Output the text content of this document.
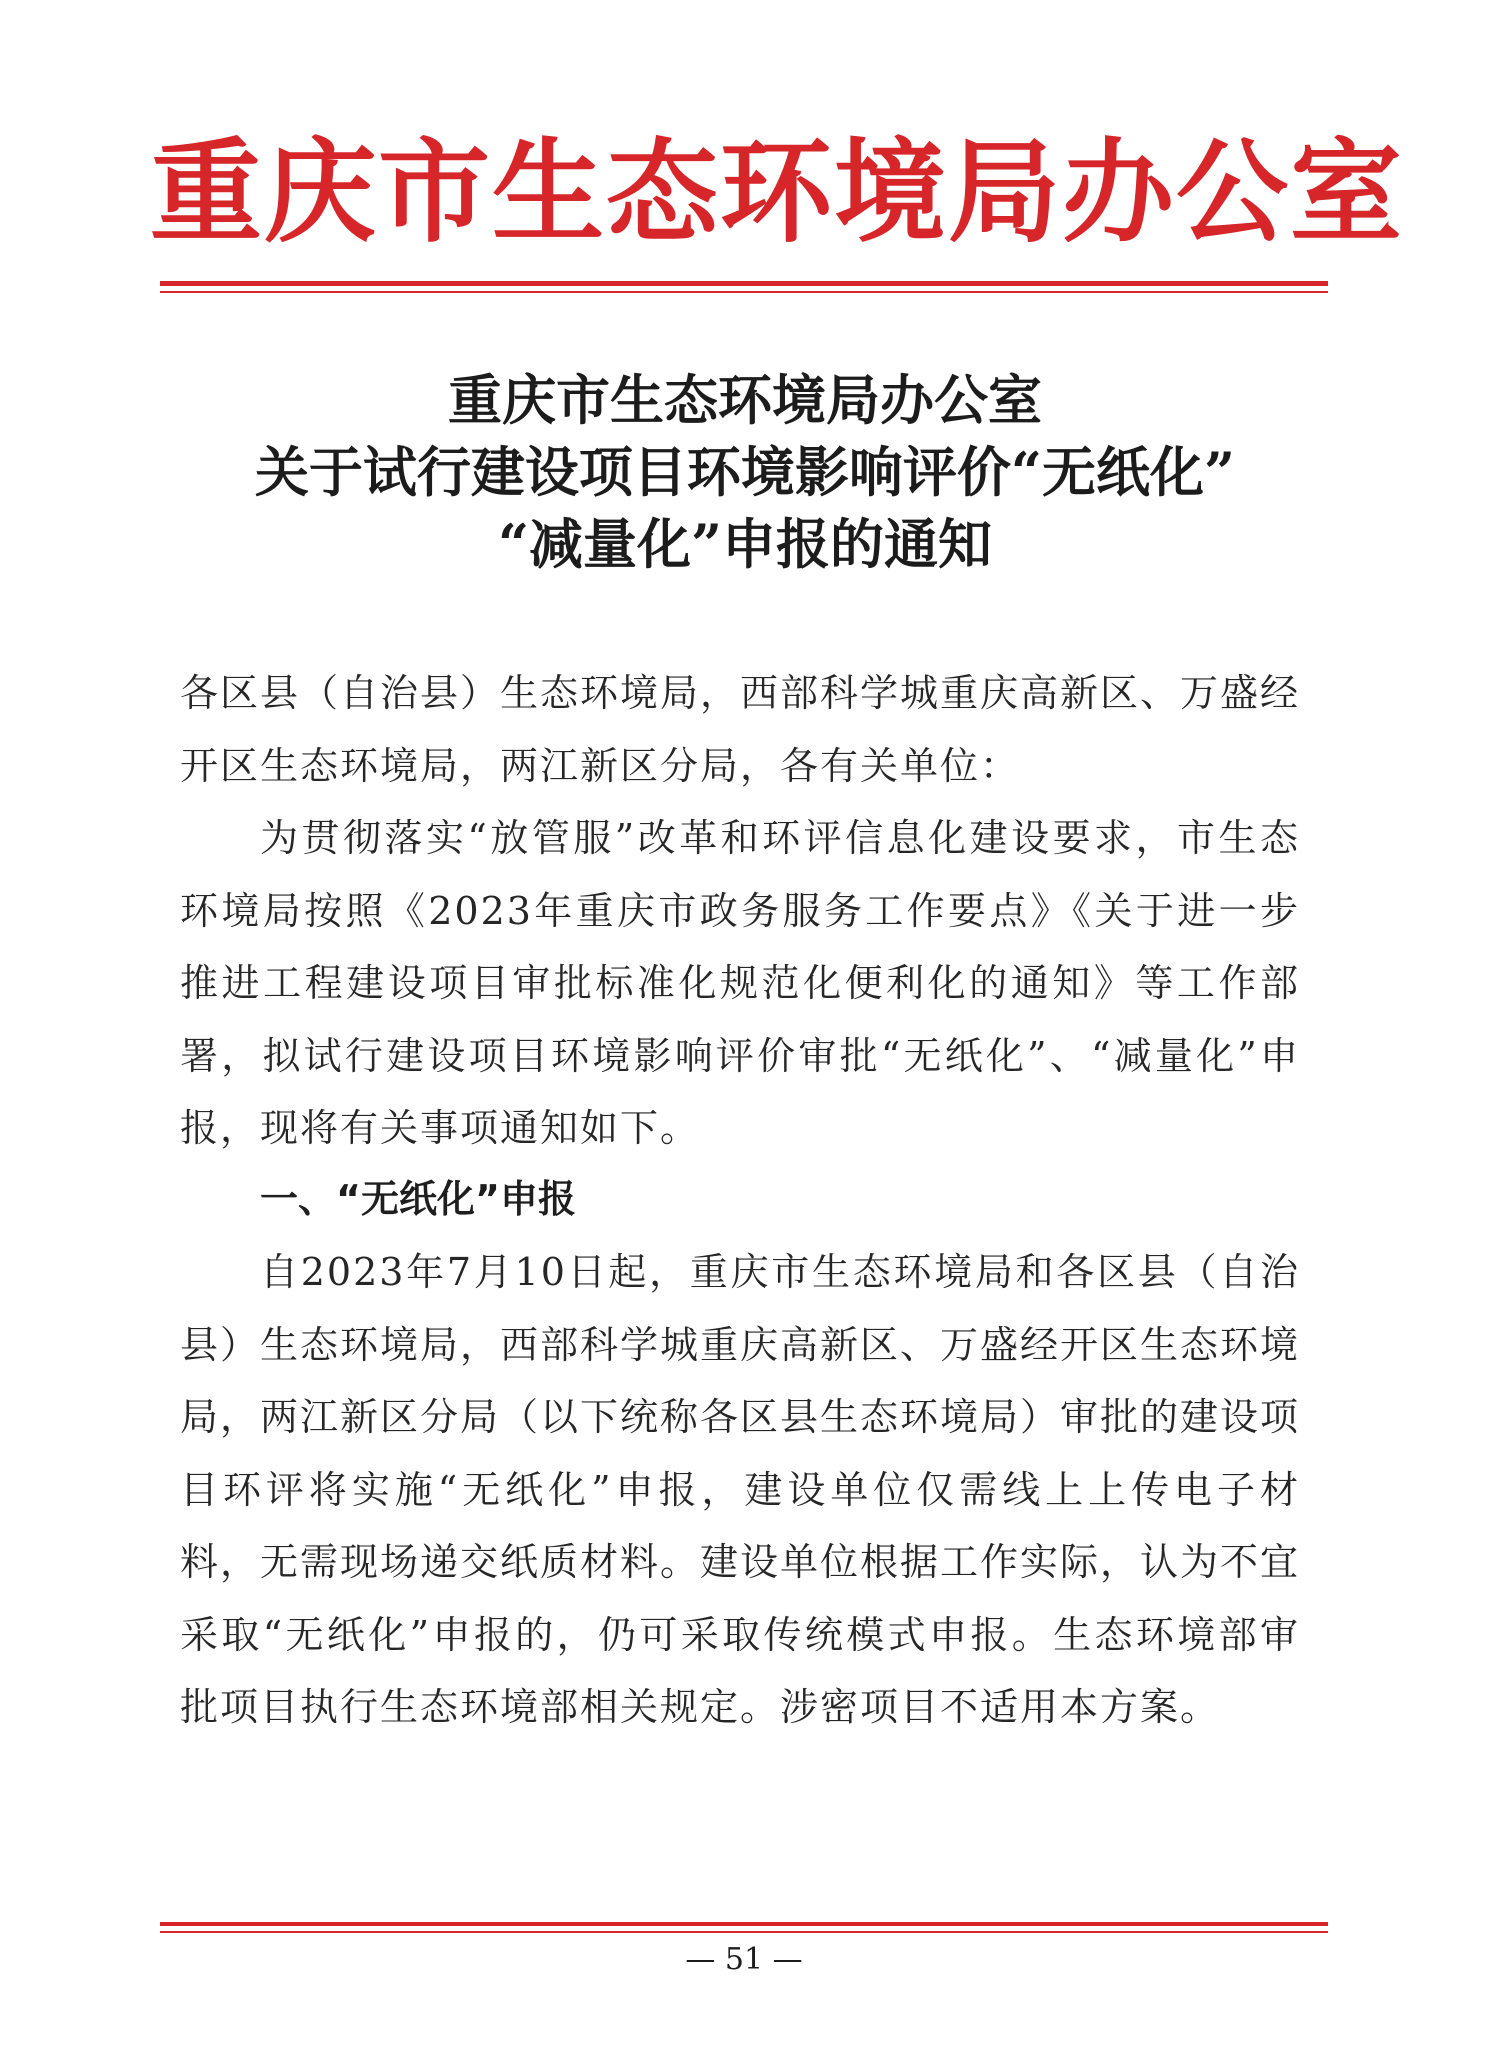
重庆市生态环境局办公室
重庆市生态环境局办公室
关于试行建设项目环境影响评价“无纸化”
“减量化”申报的通知
各区县（自治县）生态环境局，西部科学城重庆高新区、万盛经开区生态环境局，两江新区分局，各有关单位：
为贯彻落实“放管服”改革和环评信息化建设要求，市生态环境局按照《2023年重庆市政务服务工作要点》《关于进一步推进工程建设项目审批标准化规范化便利化的通知》等工作部署，拟试行建设项目环境影响评价审批“无纸化”、“减量化”申报，现将有关事项通知如下。
一、“无纸化”申报
自2023年7月10日起，重庆市生态环境局和各区县（自治县）生态环境局，西部科学城重庆高新区、万盛经开区生态环境局，两江新区分局（以下统称各区县生态环境局）审批的建设项目环评将实施“无纸化”申报，建设单位仅需线上上传电子材料，无需现场递交纸质材料。建设单位根据工作实际，认为不宜采取“无纸化”申报的，仍可采取传统模式申报。生态环境部审批项目执行生态环境部相关规定。涉密项目不适用本方案。
— 51 —
